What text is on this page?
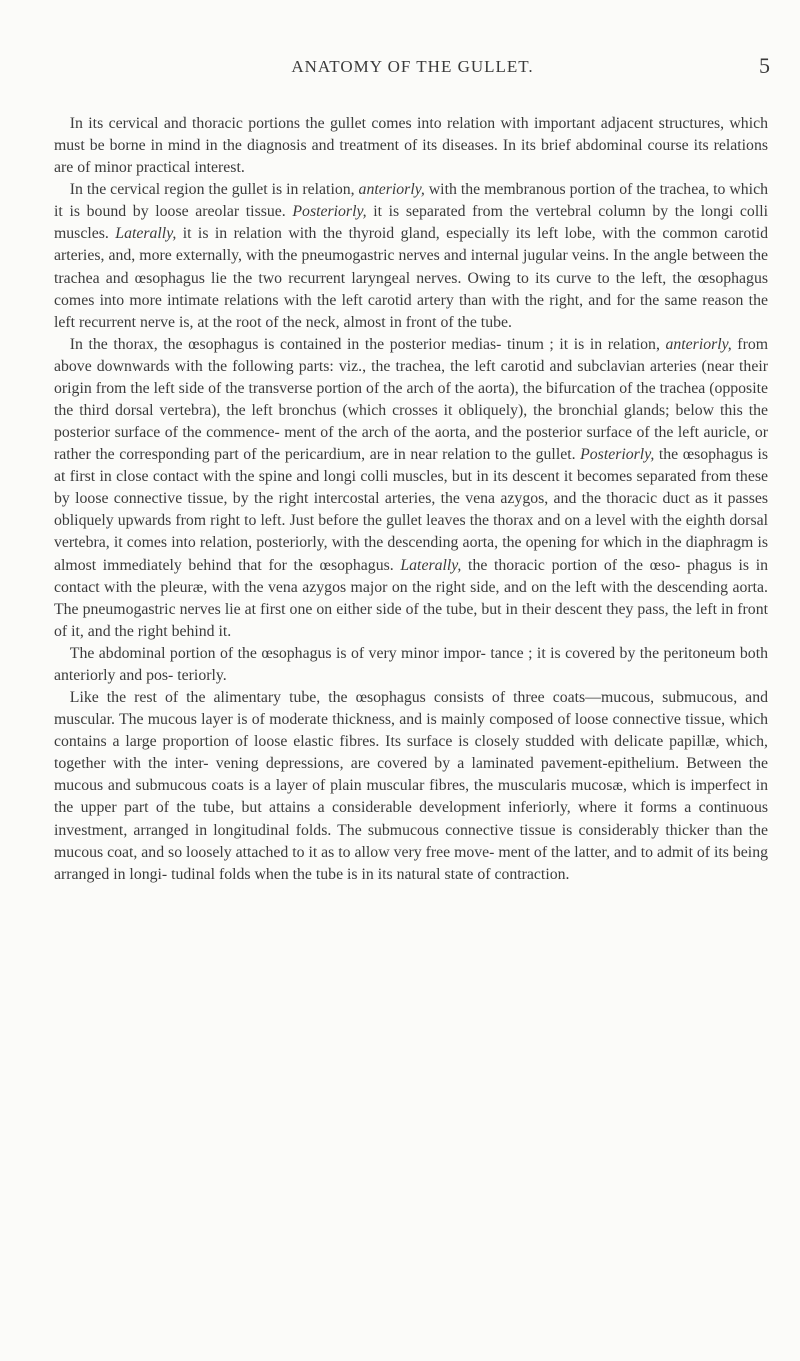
ANATOMY OF THE GULLET.	5

In its cervical and thoracic portions the gullet comes into relation with important adjacent structures, which must be borne in mind in the diagnosis and treatment of its diseases. In its brief abdominal course its relations are of minor practical interest.

In the cervical region the gullet is in relation, anteriorly, with the membranous portion of the trachea, to which it is bound by loose areolar tissue. Posteriorly, it is separated from the vertebral column by the longi colli muscles. Laterally, it is in relation with the thyroid gland, especially its left lobe, with the common carotid arteries, and, more externally, with the pneumogastric nerves and internal jugular veins. In the angle between the trachea and œsophagus lie the two recurrent laryngeal nerves. Owing to its curve to the left, the œsophagus comes into more intimate relations with the left carotid artery than with the right, and for the same reason the left recurrent nerve is, at the root of the neck, almost in front of the tube.

In the thorax, the œsophagus is contained in the posterior medias- tinum ; it is in relation, anteriorly, from above downwards with the following parts: viz., the trachea, the left carotid and subclavian arteries (near their origin from the left side of the transverse portion of the arch of the aorta), the bifurcation of the trachea (opposite the third dorsal vertebra), the left bronchus (which crosses it obliquely), the bronchial glands; below this the posterior surface of the commence- ment of the arch of the aorta, and the posterior surface of the left auricle, or rather the corresponding part of the pericardium, are in near relation to the gullet. Posteriorly, the œsophagus is at first in close contact with the spine and longi colli muscles, but in its descent it becomes separated from these by loose connective tissue, by the right intercostal arteries, the vena azygos, and the thoracic duct as it passes obliquely upwards from right to left. Just before the gullet leaves the thorax and on a level with the eighth dorsal vertebra, it comes into relation, posteriorly, with the descending aorta, the opening for which in the diaphragm is almost immediately behind that for the œsophagus. Laterally, the thoracic portion of the œso- phagus is in contact with the pleuræ, with the vena azygos major on the right side, and on the left with the descending aorta. The pneumogastric nerves lie at first one on either side of the tube, but in their descent they pass, the left in front of it, and the right behind it.

The abdominal portion of the œsophagus is of very minor impor- tance ; it is covered by the peritoneum both anteriorly and pos- teriorly.

Like the rest of the alimentary tube, the œsophagus consists of three coats—mucous, submucous, and muscular. The mucous layer is of moderate thickness, and is mainly composed of loose connective tissue, which contains a large proportion of loose elastic fibres. Its surface is closely studded with delicate papillæ, which, together with the inter- vening depressions, are covered by a laminated pavement-epithelium. Between the mucous and submucous coats is a layer of plain muscular fibres, the muscularis mucosæ, which is imperfect in the upper part of the tube, but attains a considerable development inferiorly, where it forms a continuous investment, arranged in longitudinal folds. The submucous connective tissue is considerably thicker than the mucous coat, and so loosely attached to it as to allow very free move- ment of the latter, and to admit of its being arranged in longi- tudinal folds when the tube is in its natural state of contraction.
